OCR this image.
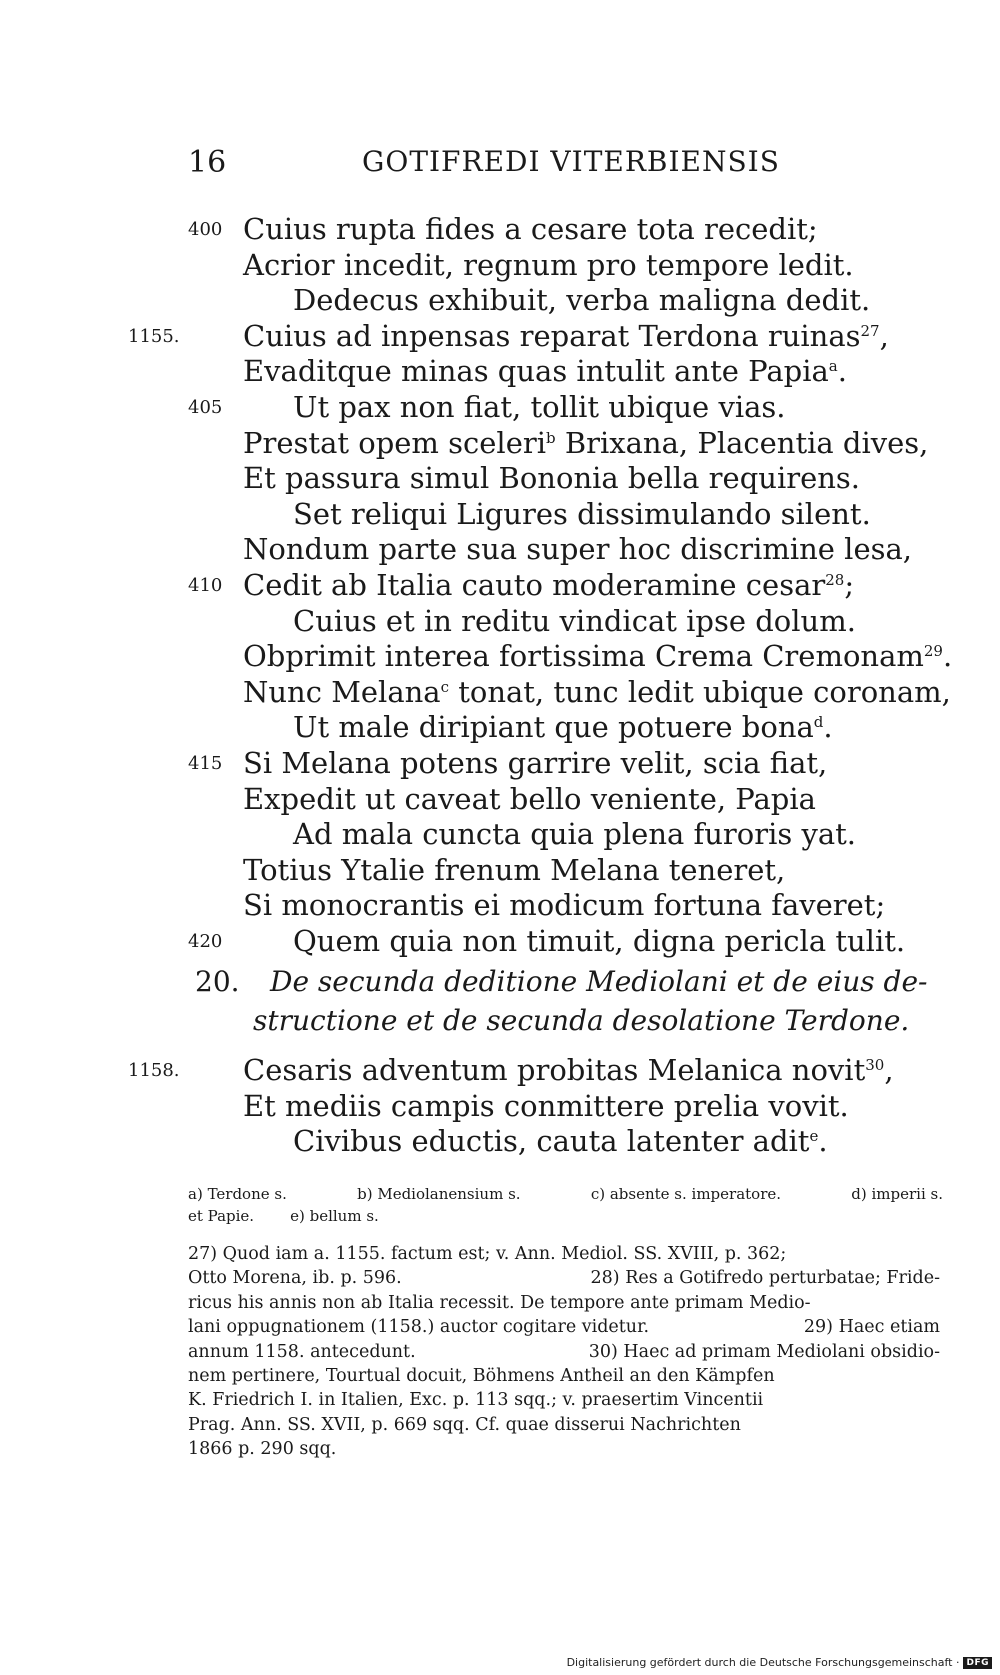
16	GOTIFREDI VITERBIENSIS
400 Cuius rupta fides a cesare tota recedit;
Acrior incedit, regnum pro tempore ledit.
Dedecus exhibuit, verba maligna dedit.
1155. Cuius ad inpensas reparat Terdona ruinas$^{27}$,
Evaditque minas quas intulit ante Papia$^a$.
405 Ut pax non fiat, tollit ubique vias.
Prestat opem sceleri$^b$ Brixana, Placentia dives,
Et passura simul Bononia bella requirens.
Set reliqui Ligures dissimulando silent.
Nondum parte sua super hoc discrimine lesa,
410 Cedit ab Italia cauto moderamine cesar$^{28}$;
Cuius et in reditu vindicat ipse dolum.
Obprimit interea fortissima Crema Cremonam$^{29}$.
Nunc Melana$^c$ tonat, tunc ledit ubique coronam,
Ut male diripiant que potuere bona$^d$.
415 Si Melana potens garrire velit, scia fiat,
Expedit ut caveat bello veniente, Papia
Ad mala cuncta quia plena furoris yat.
Totius Ytalie frenum Melana teneret,
Si monocrantis ei modicum fortuna faveret;
420 Quem quia non timuit, digna pericla tulit.
20. De secunda deditione Mediolani et de eius de-
structione et de secunda desolatione Terdone.
1158. Cesaris adventum probitas Melanica novit$^{30}$,
Et mediis campis conmittere prelia vovit.
Civibus eductis, cauta latenter adit$^e$.
a) Terdone s.	b) Mediolanensium s.	c) absente s. imperatore.	d) imperii s.
et Papie. e) bellum s.
27) Quod iam a. 1155. factum est; v. Ann. Mediol. SS. XVIII, p. 362;
Otto Morena, ib. p. 596.	28) Res a Gotifredo perturbatae; Fride-
ricus his annis non ab Italia recessit. De tempore ante primam Medio-
lani oppugnationem (1158.) auctor cogitare videtur.	29) Haec etiam
annum 1158. antecedunt.	30) Haec ad primam Mediolani obsidio-
nem pertinere, Tourtual docuit, Böhmens Antheil an den Kämpfen
K. Friedrich I. in Italien, Exc. p. 113 sqq.; v. praesertim Vincentii
Prag. Ann. SS. XVII, p. 669 sqq. Cf. quae disserui Nachrichten
1866 p. 290 sqq.
Digitalisierung gefördert durch die Deutsche Forschungsgemeinschaft · DFG
